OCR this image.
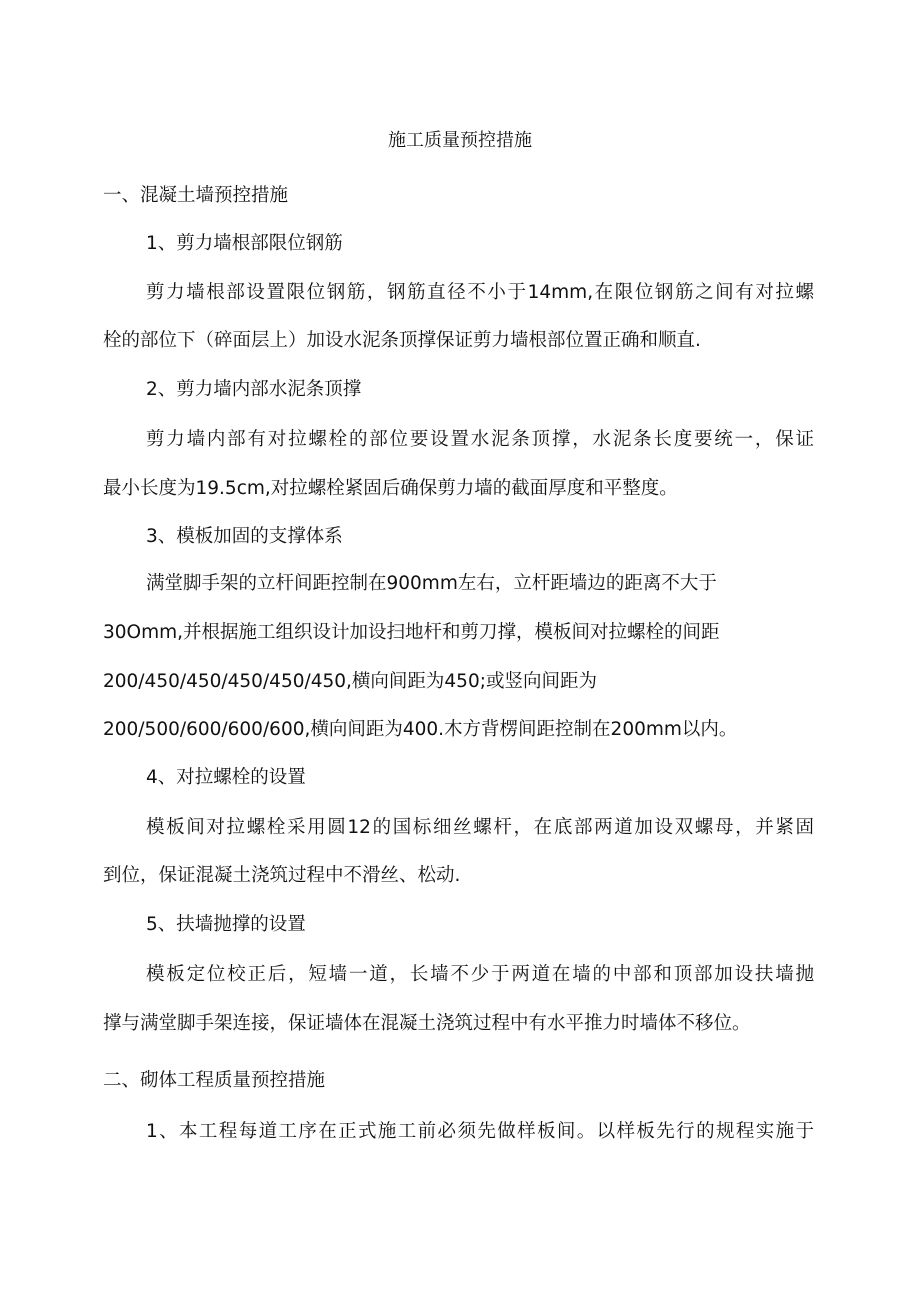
施工质量预控措施
一、混凝土墙预控措施
1、剪力墙根部限位钢筋
剪力墙根部设置限位钢筋，钢筋直径不小于14mm,在限位钢筋之间有对拉螺
栓的部位下（碎面层上）加设水泥条顶撑保证剪力墙根部位置正确和顺直.
2、剪力墙内部水泥条顶撑
剪力墙内部有对拉螺栓的部位要设置水泥条顶撑，水泥条长度要统一，保证
最小长度为19.5cm,对拉螺栓紧固后确保剪力墙的截面厚度和平整度。
3、模板加固的支撑体系
满堂脚手架的立杆间距控制在900mm左右，立杆距墙边的距离不大于
30Omm,并根据施工组织设计加设扫地杆和剪刀撑，模板间对拉螺栓的间距
200/450/450/450/450/450,横向间距为450;或竖向间距为
200/500/600/600/600,横向间距为400.木方背楞间距控制在200mm以内。
4、对拉螺栓的设置
模板间对拉螺栓采用圆12的国标细丝螺杆，在底部两道加设双螺母，并紧固
到位，保证混凝土浇筑过程中不滑丝、松动.
5、扶墙抛撑的设置
模板定位校正后，短墙一道，长墙不少于两道在墙的中部和顶部加设扶墙抛
撑与满堂脚手架连接，保证墙体在混凝土浇筑过程中有水平推力时墙体不移位。
二、砌体工程质量预控措施
1、本工程每道工序在正式施工前必须先做样板间。以样板先行的规程实施于
